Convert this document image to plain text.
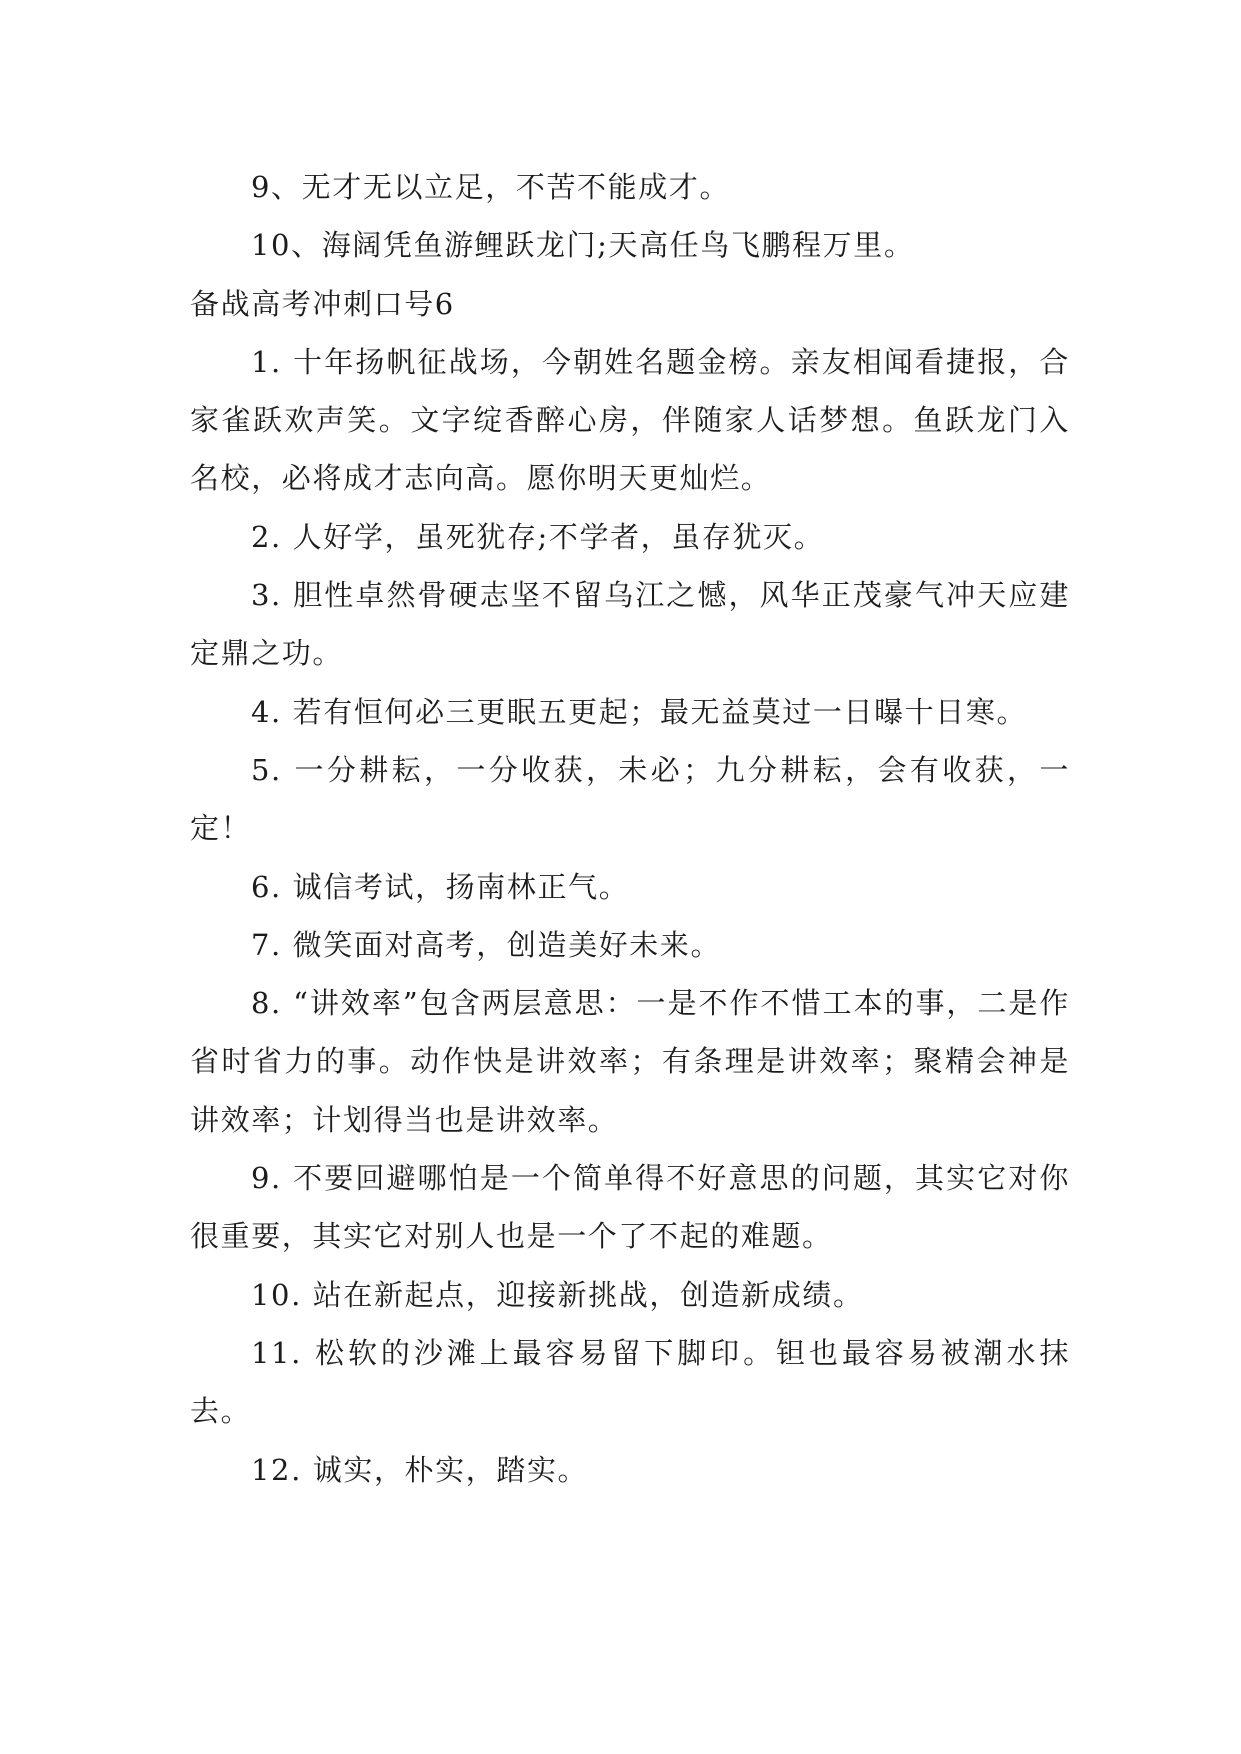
9、无才无以立足，不苦不能成才。

10、海阔凭鱼游鲤跃龙门;天高任鸟飞鹏程万里。

备战高考冲刺口号6

1. 十年扬帆征战场，今朝姓名题金榜。亲友相闻看捷报，合家雀跃欢声笑。文字绽香醉心房，伴随家人话梦想。鱼跃龙门入名校，必将成才志向高。愿你明天更灿烂。

2. 人好学，虽死犹存;不学者，虽存犹灭。

3. 胆性卓然骨硬志坚不留乌江之憾，风华正茂豪气冲天应建定鼎之功。

4. 若有恒何必三更眠五更起；最无益莫过一日曝十日寒。

5. 一分耕耘，一分收获，未必；九分耕耘，会有收获，一定！

6. 诚信考试，扬南林正气。

7. 微笑面对高考，创造美好未来。

8. “讲效率”包含两层意思：一是不作不惜工本的事，二是作省时省力的事。动作快是讲效率；有条理是讲效率；聚精会神是讲效率；计划得当也是讲效率。

9. 不要回避哪怕是一个简单得不好意思的问题，其实它对你很重要，其实它对别人也是一个了不起的难题。

10. 站在新起点，迎接新挑战，创造新成绩。

11. 松软的沙滩上最容易留下脚印。钽也最容易被潮水抹去。

12. 诚实，朴实，踏实。
